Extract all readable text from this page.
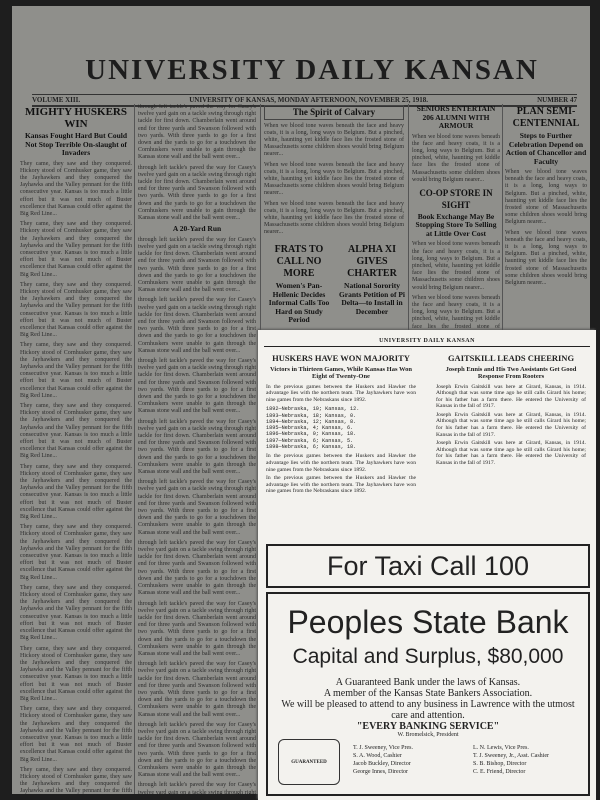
UNIVERSITY DAILY KANSAN
VOLUME XIII.	UNIVERSITY OF KANSAS, MONDAY AFTERNOON, NOVEMBER 25, 1918.	NUMBER 47
MIGHTY HUSKERS WIN
Kansas Fought Hard But Could Not Stop Terrible On-slaught of Invaders

They came, they saw and they conquered. Hickory stood of Cornhusker game, they saw the Jayhawkers and they conquered the Jayhawks and the Valley pennant for the fifth consecutive year. Kansas is too much a little effort but it was not much of Buster excellence that Kansas could offer against the Big Red Line...

They came, they saw and they conquered. Hickory stood of Cornhusker game, they saw the Jayhawkers and they conquered the Jayhawks and the Valley pennant for the fifth consecutive year. Kansas is too much a little effort but it was not much of Buster excellence that Kansas could offer against the Big Red Line...

They came, they saw and they conquered. Hickory stood of Cornhusker game, they saw the Jayhawkers and they conquered the Jayhawks and the Valley pennant for the fifth consecutive year. Kansas is too much a little effort but it was not much of Buster excellence that Kansas could offer against the Big Red Line...

They came, they saw and they conquered. Hickory stood of Cornhusker game, they saw the Jayhawkers and they conquered the Jayhawks and the Valley pennant for the fifth consecutive year. Kansas is too much a little effort but it was not much of Buster excellence that Kansas could offer against the Big Red Line...

They came, they saw and they conquered. Hickory stood of Cornhusker game, they saw the Jayhawkers and they conquered the Jayhawks and the Valley pennant for the fifth consecutive year. Kansas is too much a little effort but it was not much of Buster excellence that Kansas could offer against the Big Red Line...

They came, they saw and they conquered. Hickory stood of Cornhusker game, they saw the Jayhawkers and they conquered the Jayhawks and the Valley pennant for the fifth consecutive year. Kansas is too much a little effort but it was not much of Buster excellence that Kansas could offer against the Big Red Line...

They came, they saw and they conquered. Hickory stood of Cornhusker game, they saw the Jayhawkers and they conquered the Jayhawks and the Valley pennant for the fifth consecutive year. Kansas is too much a little effort but it was not much of Buster excellence that Kansas could offer against the Big Red Line...

They came, they saw and they conquered. Hickory stood of Cornhusker game, they saw the Jayhawkers and they conquered the Jayhawks and the Valley pennant for the fifth consecutive year. Kansas is too much a little effort but it was not much of Buster excellence that Kansas could offer against the Big Red Line...

They came, they saw and they conquered. Hickory stood of Cornhusker game, they saw the Jayhawkers and they conquered the Jayhawks and the Valley pennant for the fifth consecutive year. Kansas is too much a little effort but it was not much of Buster excellence that Kansas could offer against the Big Red Line...

They came, they saw and they conquered. Hickory stood of Cornhusker game, they saw the Jayhawkers and they conquered the Jayhawks and the Valley pennant for the fifth consecutive year. Kansas is too much a little effort but it was not much of Buster excellence that Kansas could offer against the Big Red Line...

They came, they saw and they conquered. Hickory stood of Cornhusker game, they saw the Jayhawkers and they conquered the Jayhawks and the Valley pennant for the fifth

through left tackle's paved the way for Casey's twelve yard gain on a tackle swing through right tackle for first down. Chamberlain went around end for three yards and Swanson followed with two yards. With three yards to go for a first down and the yards to go for a touchdown the Cornhuskers were unable to gain through the Kansas stone wall and the ball went over...

through left tackle's paved the way for Casey's twelve yard gain on a tackle swing through right tackle for first down. Chamberlain went around end for three yards and Swanson followed with two yards. With three yards to go for a first down and the yards to go for a touchdown the Cornhuskers were unable to gain through the Kansas stone wall and the ball went over...

A 20-Yard Run

through left tackle's paved the way for Casey's twelve yard gain on a tackle swing through right tackle for first down. Chamberlain went around end for three yards and Swanson followed with two yards. With three yards to go for a first down and the yards to go for a touchdown the Cornhuskers were unable to gain through the Kansas stone wall and the ball went over...

through left tackle's paved the way for Casey's twelve yard gain on a tackle swing through right tackle for first down. Chamberlain went around end for three yards and Swanson followed with two yards. With three yards to go for a first down and the yards to go for a touchdown the Cornhuskers were unable to gain through the Kansas stone wall and the ball went over...

through left tackle's paved the way for Casey's twelve yard gain on a tackle swing through right tackle for first down. Chamberlain went around end for three yards and Swanson followed with two yards. With three yards to go for a first down and the yards to go for a touchdown the Cornhuskers were unable to gain through the Kansas stone wall and the ball went over...

through left tackle's paved the way for Casey's twelve yard gain on a tackle swing through right tackle for first down. Chamberlain went around end for three yards and Swanson followed with two yards. With three yards to go for a first down and the yards to go for a touchdown the Cornhuskers were unable to gain through the Kansas stone wall and the ball went over...

through left tackle's paved the way for Casey's twelve yard gain on a tackle swing through right tackle for first down. Chamberlain went around end for three yards and Swanson followed with two yards. With three yards to go for a first down and the yards to go for a touchdown the Cornhuskers were unable to gain through the Kansas stone wall and the ball went over...

through left tackle's paved the way for Casey's twelve yard gain on a tackle swing through right tackle for first down. Chamberlain went around end for three yards and Swanson followed with two yards. With three yards to go for a first down and the yards to go for a touchdown the Cornhuskers were unable to gain through the Kansas stone wall and the ball went over...

through left tackle's paved the way for Casey's twelve yard gain on a tackle swing through right tackle for first down. Chamberlain went around end for three yards and Swanson followed with two yards. With three yards to go for a first down and the yards to go for a touchdown the Cornhuskers were unable to gain through the Kansas stone wall and the ball went over...

through left tackle's paved the way for Casey's twelve yard gain on a tackle swing through right tackle for first down. Chamberlain went around end for three yards and Swanson followed with two yards. With three yards to go for a first down and the yards to go for a touchdown the Cornhuskers were unable to gain through the Kansas stone wall and the ball went over...

through left tackle's paved the way for Casey's twelve yard gain on a tackle swing through right tackle for first down. Chamberlain went around end for three yards and Swanson followed with two yards. With three yards to go for a first down and the yards to go for a touchdown the Cornhuskers were unable to gain through the Kansas stone wall and the ball went over...

through left tackle's paved the way for Casey's twelve yard gain on a tackle swing through right

The Spirit of Calvary

When we blood tone waves beneath the face and heavy coats, it is a long, long ways to Belgium. But a pinched, white, haunting yet kiddle face lies the frosted stone of Massachusetts some children shoes would bring Belgium nearer...

When we blood tone waves beneath the face and heavy coats, it is a long, long ways to Belgium. But a pinched, white, haunting yet kiddle face lies the frosted stone of Massachusetts some children shoes would bring Belgium nearer...

When we blood tone waves beneath the face and heavy coats, it is a long, long ways to Belgium. But a pinched, white, haunting yet kiddle face lies the frosted stone of Massachusetts some children shoes would bring Belgium nearer...

FRATS TO CALL NO MORE
Women's Pan-Hellenic Decides Informal Calls Too Hard on Study Period
ALPHA XI GIVES CHARTER
National Sorority Grants Petition of Pi Delta—to Install in December
SENIORS ENTERTAIN 206 ALUMNI WITH ARMOUR

When we blood tone waves beneath the face and heavy coats, it is a long, long ways to Belgium. But a pinched, white, haunting yet kiddle face lies the frosted stone of Massachusetts some children shoes would bring Belgium nearer...

CO-OP STORE IN SIGHT
Book Exchange May Be Stopping Store To Selling at Little Over Cost

When we blood tone waves beneath the face and heavy coats, it is a long, long ways to Belgium. But a pinched, white, haunting yet kiddle face lies the frosted stone of Massachusetts some children shoes would bring Belgium nearer...

When we blood tone waves beneath the face and heavy coats, it is a long, long ways to Belgium. But a pinched, white, haunting yet kiddle face lies the frosted stone of

PLAN SEMI-CENTENNIAL
Steps to Further Celebration Depend on Action of Chancellor and Faculty

When we blood tone waves beneath the face and heavy coats, it is a long, long ways to Belgium. But a pinched, white, haunting yet kiddle face lies the frosted stone of Massachusetts some children shoes would bring Belgium nearer...

When we blood tone waves beneath the face and heavy coats, it is a long, long ways to Belgium. But a pinched, white, haunting yet kiddle face lies the frosted stone of Massachusetts some children shoes would bring Belgium nearer...

UNIVERSITY DAILY KANSAN
HUSKERS HAVE WON MAJORITY
Victors in Thirteen Games, While Kansas Has Won Eight of Twenty-One

In the previous games between the Huskers and Hawker the advantage lies with the northern team. The Jayhawkers have won nine games from the Nebraskans since 1892.

1892—Nebraska, 10; Kansas, 12.
1893—Nebraska, 18; Kansas, 0.
1894—Nebraska, 12; Kansas, 8.
1895—Nebraska, 4; Kansas, 6.
1896—Nebraska, 0; Kansas, 18.
1897—Nebraska, 6; Kansas, 5.
1898—Nebraska, 6; Kansas, 18.

In the previous games between the Huskers and Hawker the advantage lies with the northern team. The Jayhawkers have won nine games from the Nebraskans since 1892.

In the previous games between the Huskers and Hawker the advantage lies with the northern team. The Jayhawkers have won nine games from the Nebraskans since 1892.

GAITSKILL LEADS CHEERING
Joseph Ennis and His Two Assistants Get Good Response From Rooters

Joseph Erwin Gaitskill was here at Girard, Kansas, in 1914. Although that was some time ago he still calls Girard his home; for his father has a farm there. He entered the University of Kansas in the fall of 1917.

Joseph Erwin Gaitskill was here at Girard, Kansas, in 1914. Although that was some time ago he still calls Girard his home; for his father has a farm there. He entered the University of Kansas in the fall of 1917.

Joseph Erwin Gaitskill was here at Girard, Kansas, in 1914. Although that was some time ago he still calls Girard his home; for his father has a farm there. He entered the University of Kansas in the fall of 1917.

For Taxi Call 100
Peoples State Bank
Capital and Surplus, $80,000
A Guaranteed Bank under the laws of Kansas.
A member of the Kansas State Bankers Association.
We will be pleased to attend to any business in Lawrence with the utmost care and attention.
"EVERY BANKING SERVICE"
W. Bromelsick, President
GUARANTEED
T. J. Sweeney, Vice Pres.
S. A. Wood, Cashier
Jacob Buckley, Director
George Innes, Director
L. N. Lewis, Vice Pres.
T. J. Sweeney, Jr., Asst. Cashier
S. B. Bishop, Director
C. E. Friend, Director
